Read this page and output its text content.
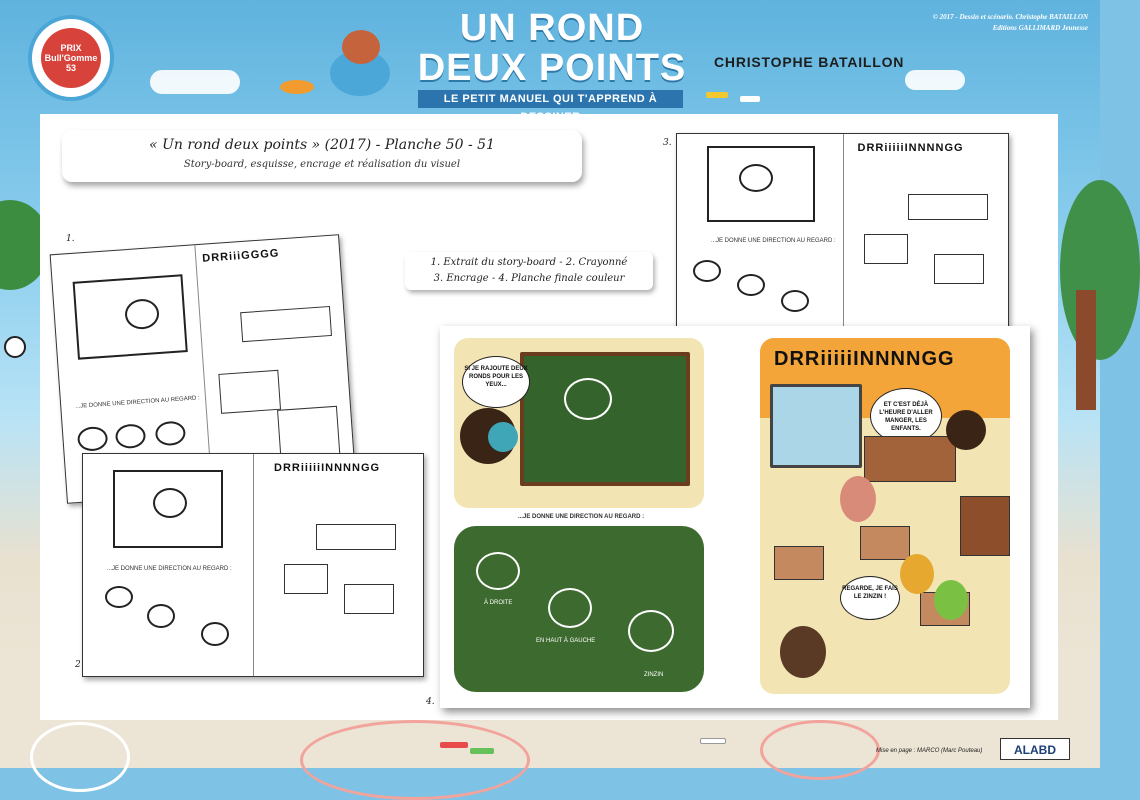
PRIX
Bull'Gomme
53
UN ROND
DEUX POINTS
LE PETIT MANUEL QUI T'APPREND À
CHRISTOPHE BATAILLON
© 2017 - Dessin et scénario. Christophe BATAILLON
Editions GALLIMARD Jeunesse
« Un rond deux points » (2017) - Planche 50 - 51
Story-board, esquisse, encrage et réalisation du visuel
1. Extrait du story-board - 2. Crayonné
3. Encrage - 4. Planche finale couleur
1.
...JE DONNE UNE DIRECTION AU REGARD :
DRRiiiGGGG
...JE DONNE UNE DIRECTION AU REGARD :
2
DRRiiiiiINNNNGG
3.
...JE DONNE UNE DIRECTION AU REGARD :
DRRiiiiiINNNNGG
4.
SI JE RAJOUTE DEUX RONDS POUR LES YEUX...
...JE DONNE UNE DIRECTION AU REGARD :
À DROITE
EN HAUT À GAUCHE
ZINZIN
DRRiiiiiINNNNGG
ET C'EST DÉJÀ L'HEURE D'ALLER MANGER, LES ENFANTS.
REGARDE, JE FAIS LE ZINZIN !
Mise en page : MARCO (Marc Pouteau)	ALABD
